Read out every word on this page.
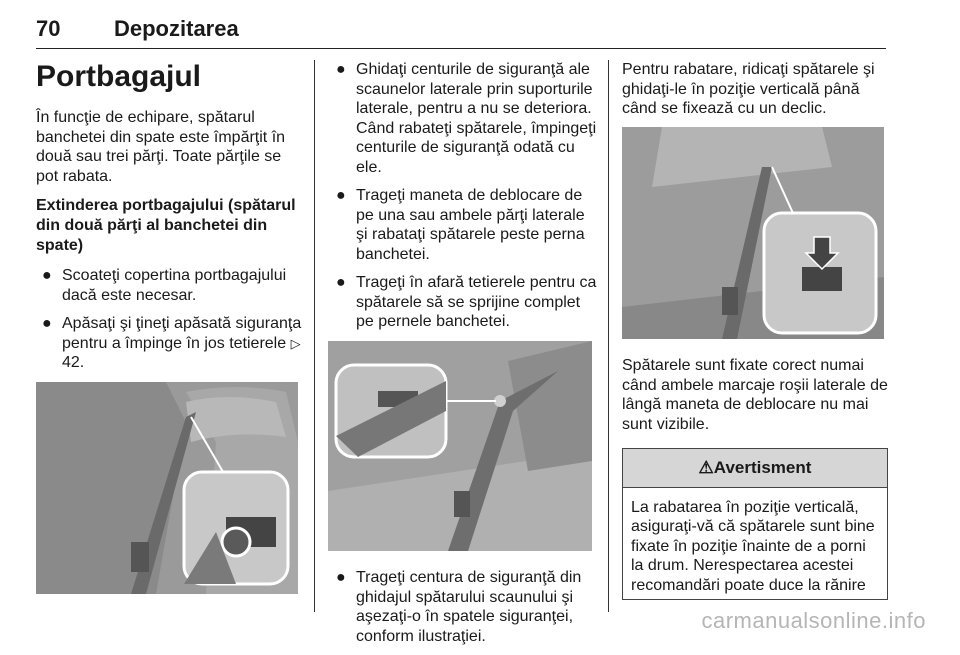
70 Depozitarea
Portbagajul

În funcţie de echipare, spătarul banchetei din spate este împărţit în două sau trei părţi. Toate părţile se pot rabata.

Extinderea portbagajului (spătarul din două părţi al banchetei din spate)
● Scoateţi copertina portbagajului dacă este necesar.
● Apăsaţi şi ţineţi apăsată siguranţa pentru a împinge în jos tetierele ▷ 42.
● Ghidaţi centurile de siguranţă ale scaunelor laterale prin suporturile laterale, pentru a nu se deteriora. Când rabateţi spătarele, împingeţi centurile de siguranţă odată cu ele.
● Trageţi maneta de deblocare de pe una sau ambele părţi laterale şi rabataţi spătarele peste perna banchetei.
● Trageţi în afară tetierele pentru ca spătarele să se sprijine complet pe pernele banchetei.
● Trageţi centura de siguranţă din ghidajul spătarului scaunului şi aşezaţi-o în spatele siguranţei, conform ilustraţiei.

Pentru rabatare, ridicaţi spătarele şi ghidaţi-le în poziţie verticală până când se fixează cu un declic.

Spătarele sunt fixate corect numai când ambele marcaje roşii laterale de lângă maneta de deblocare nu mai sunt vizibile.

⚠Avertisment
La rabatarea în poziţie verticală, asiguraţi-vă că spătarele sunt bine fixate în poziţie înainte de a porni la drum. Nerespectarea acestei recomandări poate duce la rănire
carmanualsonline.info
